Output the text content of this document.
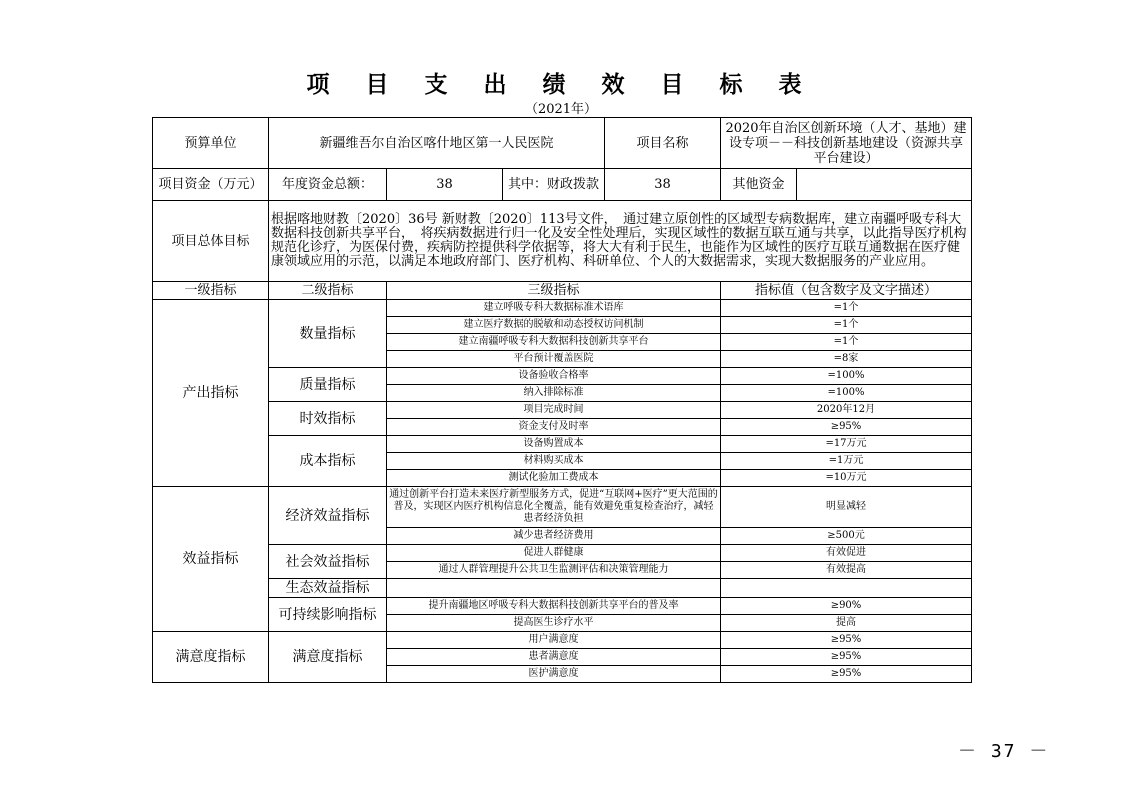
项 目 支 出 绩 效 目 标 表
（2021年）
预算单位	新疆维吾尔自治区喀什地区第一人民医院			项目名称	2020年自治区创新环境（人才、基地）建设专项－－科技创新基地建设（资源共享平台建设）	
项目资金（万元）	年度资金总额：	38	其中：财政拨款	38	其他资金	
项目总体目标	根据喀地财教〔2020〕36号 新财教〔2020〕113号文件，　通过建立原创性的区域型专病数据库，建立南疆呼吸专科大数据科技创新共享平台，　将疾病数据进行归一化及安全性处理后，实现区域性的数据互联互通与共享，以此指导医疗机构规范化诊疗，为医保付费，疾病防控提供科学依据等，将大大有利于民生，也能作为区域性的医疗互联互通数据在医疗健康领域应用的示范，以满足本地政府部门、医疗机构、科研单位、个人的大数据需求，实现大数据服务的产业应用。					
一级指标	二级指标	三级指标			指标值（包含数字及文字描述）	
产出指标	数量指标	建立呼吸专科大数据标准术语库			=1个	
		建立医疗数据的脱敏和动态授权访问机制			=1个	
		建立南疆呼吸专科大数据科技创新共享平台			=1个	
		平台预计覆盖医院			=8家	
	质量指标	设备验收合格率			=100%	
		纳入排除标准			=100%	
	时效指标	项目完成时间			2020年12月	
		资金支付及时率			≥95%	
	成本指标	设备购置成本			=17万元	
		材料购买成本			=1万元	
		测试化验加工费成本			=10万元	
效益指标	经济效益指标	通过创新平台打造未来医疗新型服务方式，促进“互联网+医疗”更大范围的普及，实现区内医疗机构信息化全覆盖，能有效避免重复检查治疗，减轻患者经济负担			明显减轻	
		减少患者经济费用			≥500元	
	社会效益指标	促进人群健康			有效促进	
		通过人群管理提升公共卫生监测评估和决策管理能力			有效提高	
	生态效益指标					
	可持续影响指标	提升南疆地区呼吸专科大数据科技创新共享平台的普及率			≥90%	
		提高医生诊疗水平			提高	
满意度指标	满意度指标	用户满意度			≥95%	
		患者满意度			≥95%	
		医护满意度			≥95%	
－ 37 －
